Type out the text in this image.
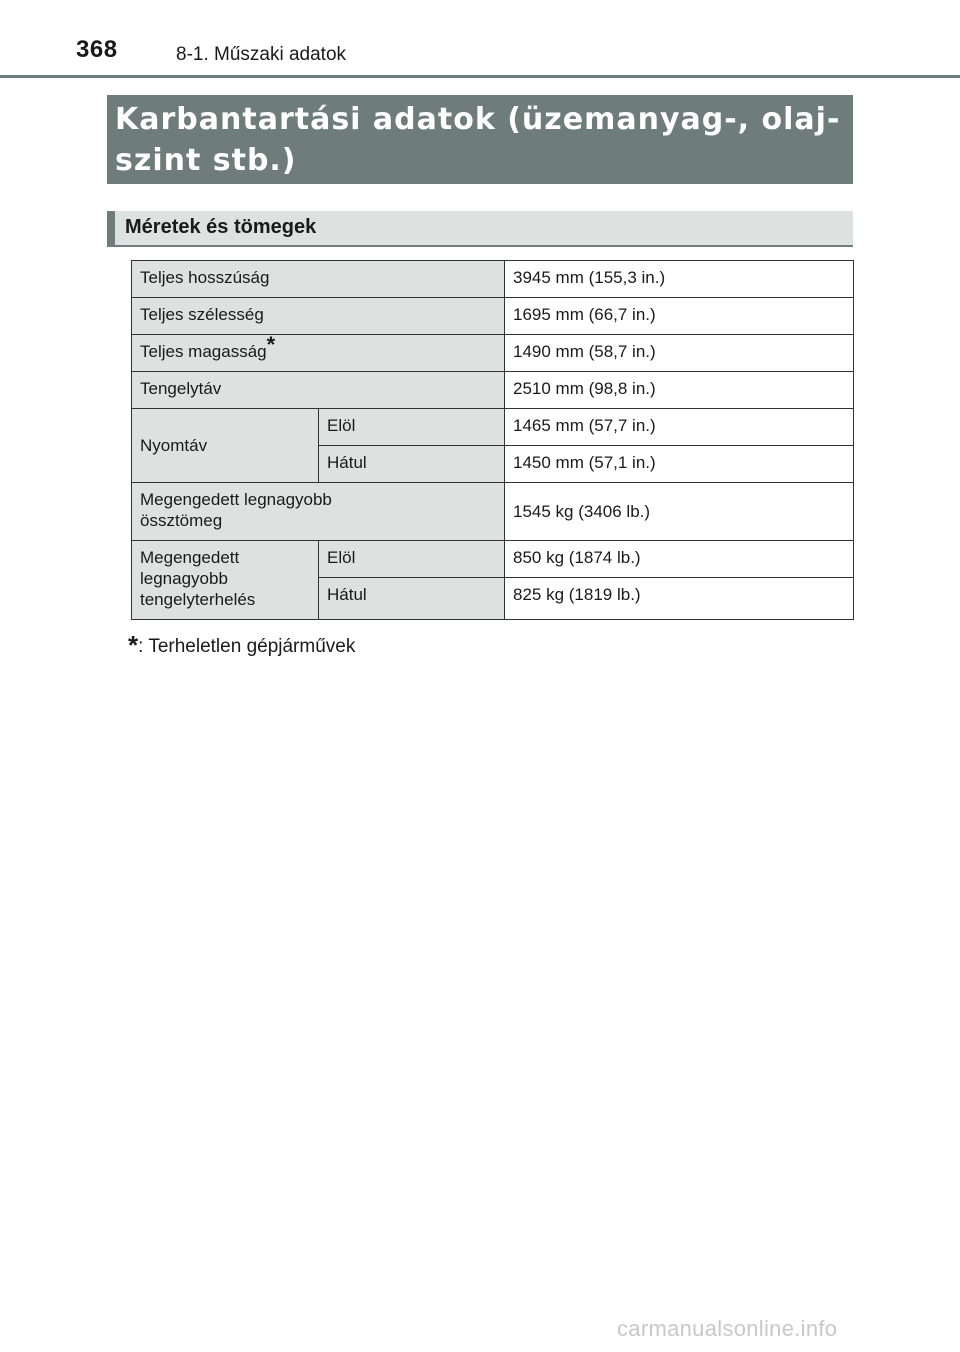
368	8-1. Műszaki adatok
Karbantartási adatok (üzemanyag-, olaj-
szint stb.)
Méretek és tömegek
Teljes hosszúság		3945 mm (155,3 in.)
Teljes szélesség		1695 mm (66,7 in.)
Teljes magasság*		1490 mm (58,7 in.)
Tengelytáv		2510 mm (98,8 in.)
Nyomtáv	Elöl	1465 mm (57,7 in.)
	Hátul	1450 mm (57,1 in.)

Megengedett legnagyobb
össztömeg		1545 kg (3406 lb.)

Megengedett
legnagyobb
tengelyterhelés	Elöl	850 kg (1874 lb.)
	Hátul	825 kg (1819 lb.)
*: Terheletlen gépjárművek
carmanualsonline.info
